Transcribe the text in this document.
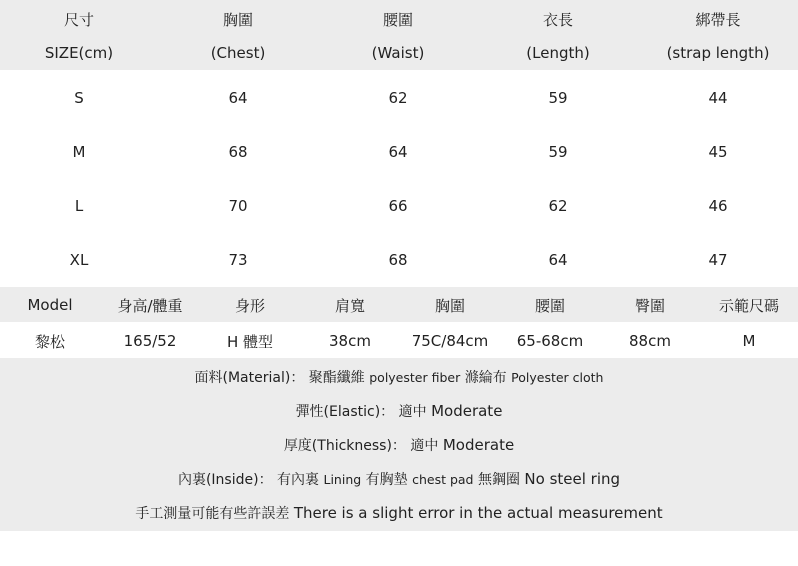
尺寸	胸圍	腰圍	衣長	綁帶長
SIZE(cm)	(Chest)	(Waist)	(Length)	(strap length)
S	64	62	59	44
M	68	64	59	45
L	70	66	62	46
XL	73	68	64	47
Model	身高/體重	身形	肩寬	胸圍	腰圍	臀圍	示範尺碼
黎松	165/52	H 體型	38cm	75C/84cm	65-68cm	88cm	M
面料(Material)： 聚酯纖維 polyester fiber 滌綸布 Polyester cloth
彈性(Elastic)： 適中 Moderate
厚度(Thickness)： 適中 Moderate
內裏(Inside)： 有內裏 Lining 有胸墊 chest pad 無鋼圈 No steel ring
手工測量可能有些許誤差 There is a slight error in the actual measurement
